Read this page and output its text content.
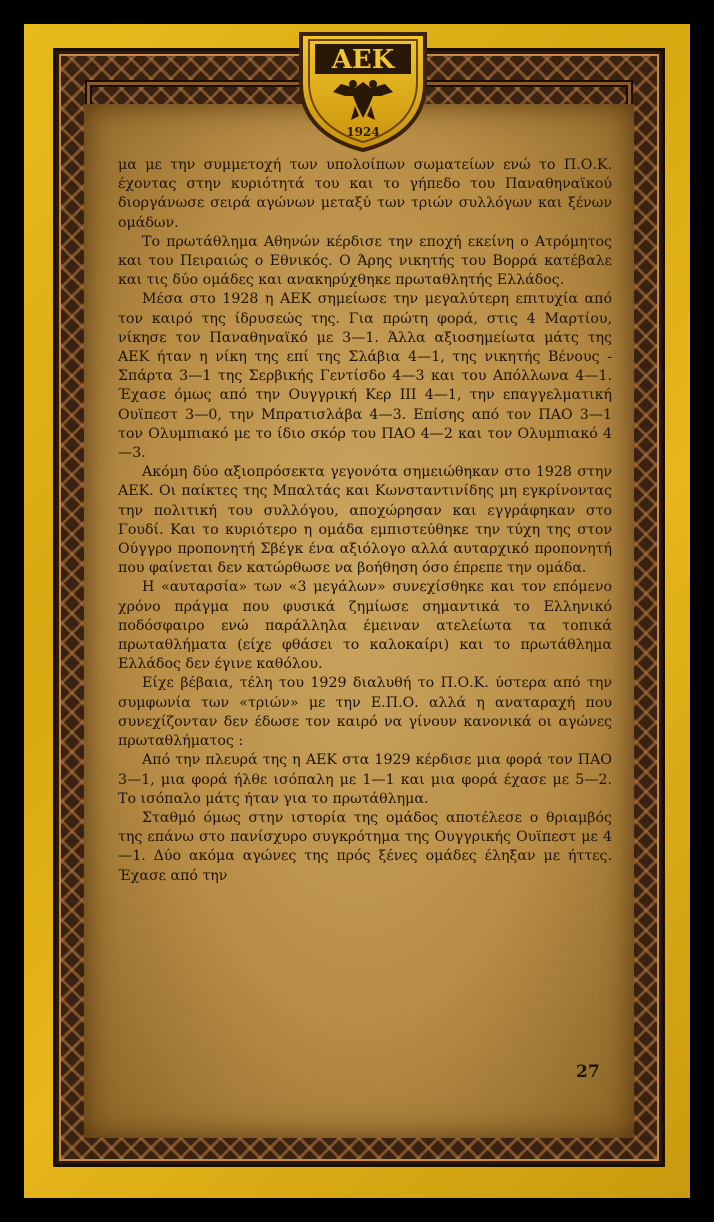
ΑΕΚ
1924

μα με την συμμετοχή των υπολοίπων σωματείων ενώ το Π.Ο.Κ. έχοντας στην κυριότητά του και το γήπεδο του Παναθηναϊκού διοργάνωσε σειρά αγώνων μεταξύ των τριών συλλόγων και ξένων ομάδων.

Το πρωτάθλημα Αθηνών κέρδισε την εποχή εκείνη ο Ατρόμητος και του Πειραιώς ο Εθνικός. Ο Άρης νικητής του Βορρά κατέβαλε και τις δύο ομάδες και ανακηρύχθηκε πρωταθλητής Ελλάδος.

Μέσα στο 1928 η ΑΕΚ σημείωσε την μεγαλύτερη επιτυχία από τον καιρό της ίδρυσεώς της. Για πρώτη φορά, στις 4 Μαρτίου, νίκησε τον Παναθηναϊκό με 3—1. Άλλα αξιοσημείωτα μάτς της ΑΕΚ ήταν η νίκη της επί της Σλάβια 4—1, της νικητής Βένους - Σπάρτα 3—1 της Σερβικής Γεντίσδο 4—3 και του Απόλλωνα 4—1. Έχασε όμως από την Ουγγρική Κερ ΙΙΙ 4—1, την επαγγελματική Ουϊπεστ 3—0, την Μπρατισλάβα 4—3. Επίσης από τον ΠΑΟ 3—1 τον Ολυμπιακό με το ίδιο σκόρ του ΠΑΟ 4—2 και τον Ολυμπιακό 4—3.

Ακόμη δύο αξιοπρόσεκτα γεγονότα σημειώθηκαν στο 1928 στην ΑΕΚ. Οι παίκτες της Μπαλτάς και Κωνσταντινίδης μη εγκρίνοντας την πολιτική του συλλόγου, αποχώρησαν και εγγράφηκαν στο Γουδί. Και το κυριότερο η ομάδα εμπιστεύθηκε την τύχη της στον Ούγγρο προπονητή Σβέγκ ένα αξιόλογο αλλά αυταρχικό προπονητή που φαίνεται δεν κατώρθωσε να βοήθηση όσο έπρεπε την ομάδα.

Η «αυταρσία» των «3 μεγάλων» συνεχίσθηκε και τον επόμενο χρόνο πράγμα που φυσικά ζημίωσε σημαντικά το Ελληνικό ποδόσφαιρο ενώ παράλληλα έμειναν ατελείωτα τα τοπικά πρωταθλήματα (είχε φθάσει το καλοκαίρι) και το πρωτάθλημα Ελλάδος δεν έγινε καθόλου.

Είχε βέβαια, τέλη του 1929 διαλυθή το Π.Ο.Κ. ύστερα από την συμφωνία των «τριών» με την Ε.Π.Ο. αλλά η αναταραχή που συνεχίζονταν δεν έδωσε τον καιρό να γίνουν κανονικά οι αγώνες πρωταθλήματος :

Από την πλευρά της η ΑΕΚ στα 1929 κέρδισε μια φορά τον ΠΑΟ 3—1, μια φορά ήλθε ισόπαλη με 1—1 και μια φορά έχασε με 5—2. Το ισόπαλο μάτς ήταν για το πρωτάθλημα.

Σταθμό όμως στην ιστορία της ομάδος αποτέλεσε ο θριαμβός της επάνω στο πανίσχυρο συγκρότημα της Ουγγρικής Ουϊπεστ με 4—1. Δύο ακόμα αγώνες της πρός ξένες ομάδες έληξαν με ήττες. Έχασε από την

27
